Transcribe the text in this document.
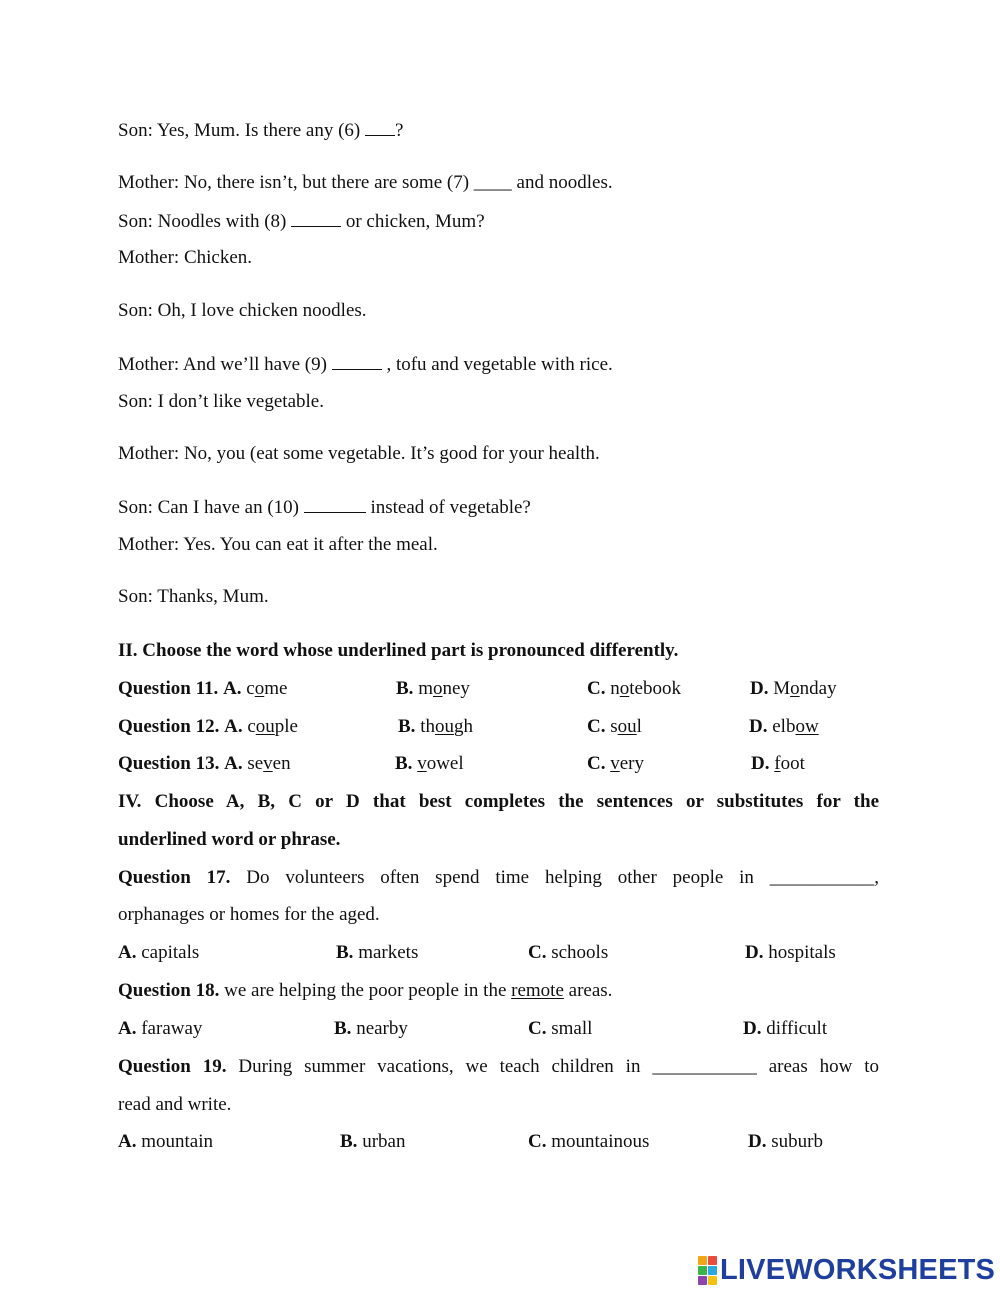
Son: Yes, Mum. Is there any (6) ?
Mother: No, there isn’t, but there are some (7) ____ and noodles.
Son: Noodles with (8)	or chicken, Mum?
Mother: Chicken.
Son: Oh, I love chicken noodles.
Mother: And we’ll have (9)	, tofu and vegetable with rice.
Son: I don’t like vegetable.
Mother: No, you (eat some vegetable. It’s good for your health.
Son: Can I have an (10)	instead of vegetable?
Mother: Yes. You can eat it after the meal.
Son: Thanks, Mum.
II. Choose the word whose underlined part is pronounced differently.
Question 11. A. come	B. money	C. notebook	D. Monday
Question 12. A. couple	B. though	C. soul	D. elbow
Question 13. A. seven	B. vowel	C. very	D. foot
IV. Choose A, B, C or D that best completes the sentences or substitutes for the
underlined word or phrase.
Question 17. Do volunteers often spend time helping other people in ___________,
orphanages or homes for the aged.
A. capitals	B. markets	C. schools	D. hospitals
Question 18. we are helping the poor people in the remote areas.
A. faraway	B. nearby	C. small	D. difficult
Question 19. During summer vacations, we teach children in ___________ areas how to
read and write.
A. mountain	B. urban	C. mountainous	D. suburb
LIVEWORKSHEETS
